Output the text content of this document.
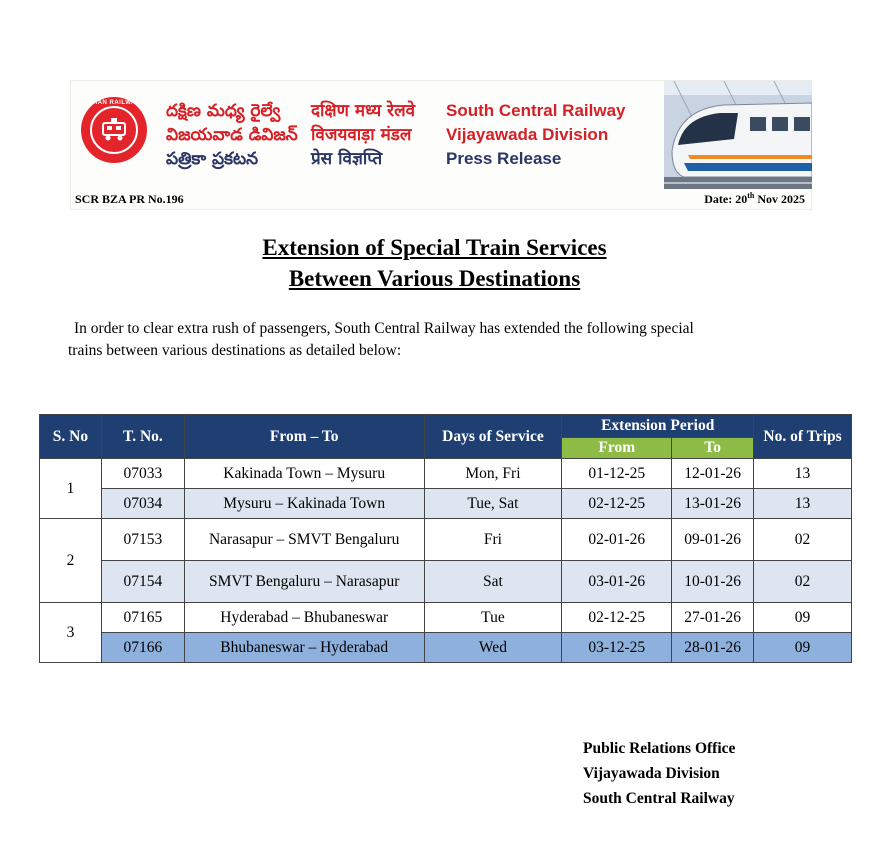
INDIAN RAILWAYS దక్షిణ మధ్య రైల్వే
విజయవాడ డివిజన్
పత్రికా ప్రకటన
दक्षिण मध्य रेलवे
विजयवाड़ा मंडल
प्रेस विज्ञप्ति
South Central Railway
Vijayawada Division
Press Release
SCR BZA PR No.196	Date: 20th Nov 2025
Extension of Special Train Services
Between Various Destinations
In order to clear extra rush of passengers, South Central Railway has extended the following special
trains between various destinations as detailed below:
S. No	T. No.	From – To	Days of Service	Extension Period		No. of Trips
				From	To	
1	07033	Kakinada Town – Mysuru	Mon, Fri	01-12-25	12-01-26	13
	07034	Mysuru – Kakinada Town	Tue, Sat	02-12-25	13-01-26	13
2	07153	Narasapur – SMVT Bengaluru	Fri	02-01-26	09-01-26	02
	07154	SMVT Bengaluru – Narasapur	Sat	03-01-26	10-01-26	02
3	07165	Hyderabad – Bhubaneswar	Tue	02-12-25	27-01-26	09
	07166	Bhubaneswar – Hyderabad	Wed	03-12-25	28-01-26	09
Public Relations Office
Vijayawada Division
South Central Railway
